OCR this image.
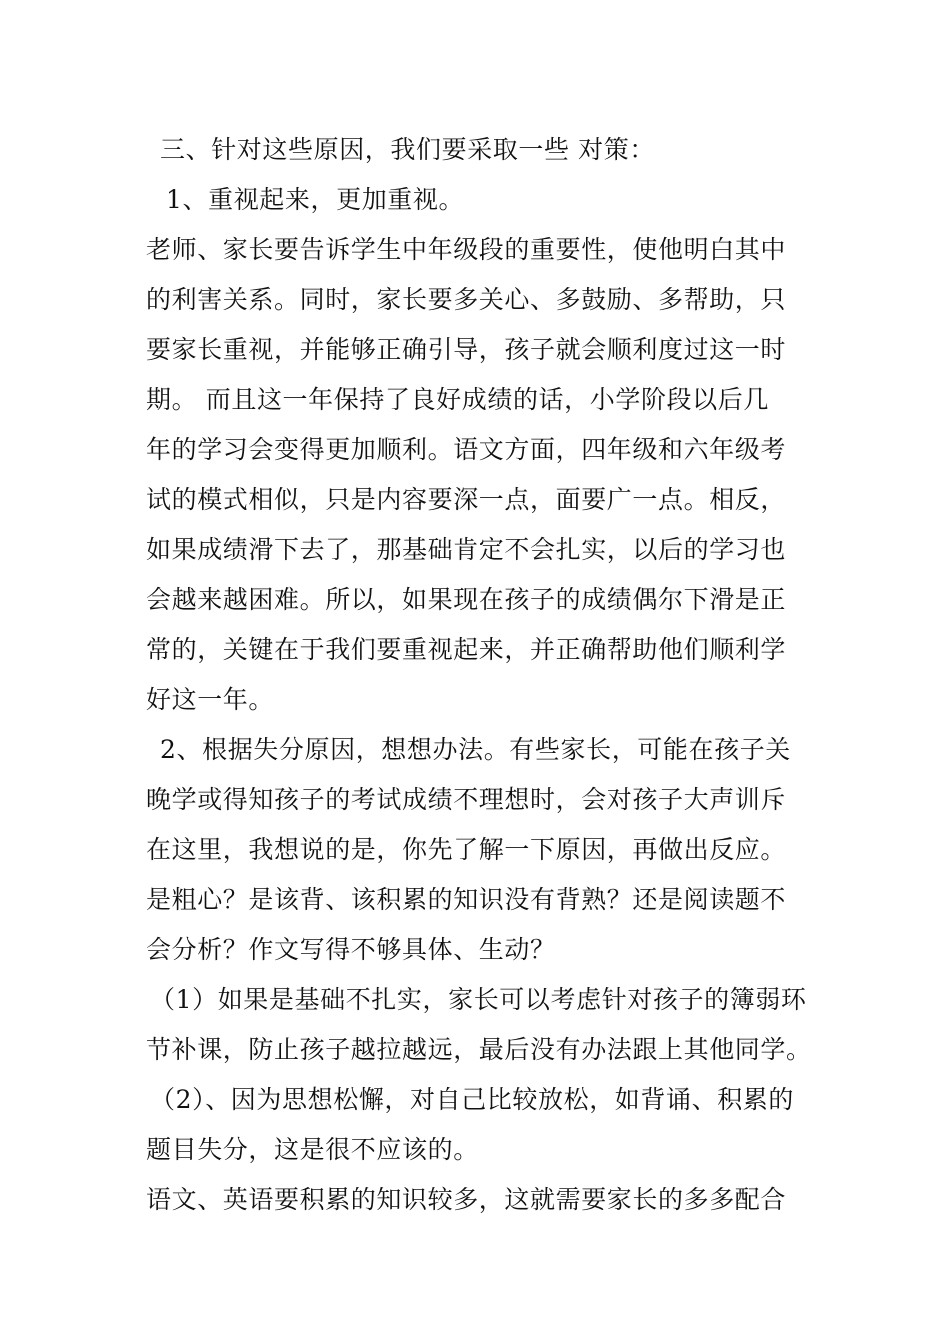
三、针对这些原因，我们要采取一些 对策：
1、重视起来，更加重视。
老师、家长要告诉学生中年级段的重要性，使他明白其中
的利害关系。同时，家长要多关心、多鼓励、多帮助，只
要家长重视，并能够正确引导，孩子就会顺利度过这一时
期。 而且这一年保持了良好成绩的话，小学阶段以后几
年的学习会变得更加顺利。语文方面，四年级和六年级考
试的模式相似，只是内容要深一点，面要广一点。相反，
如果成绩滑下去了，那基础肯定不会扎实，以后的学习也
会越来越困难。所以，如果现在孩子的成绩偶尔下滑是正
常的，关键在于我们要重视起来，并正确帮助他们顺利学
好这一年。
2、根据失分原因，想想办法。有些家长，可能在孩子关
晚学或得知孩子的考试成绩不理想时，会对孩子大声训斥
在这里，我想说的是，你先了解一下原因，再做出反应。
是粗心？是该背、该积累的知识没有背熟？还是阅读题不
会分析？作文写得不够具体、生动？
（1）如果是基础不扎实，家长可以考虑针对孩子的簿弱环
节补课，防止孩子越拉越远，最后没有办法跟上其他同学。
（2）、因为思想松懈，对自己比较放松，如背诵、积累的
题目失分，这是很不应该的。
语文、英语要积累的知识较多，这就需要家长的多多配合
